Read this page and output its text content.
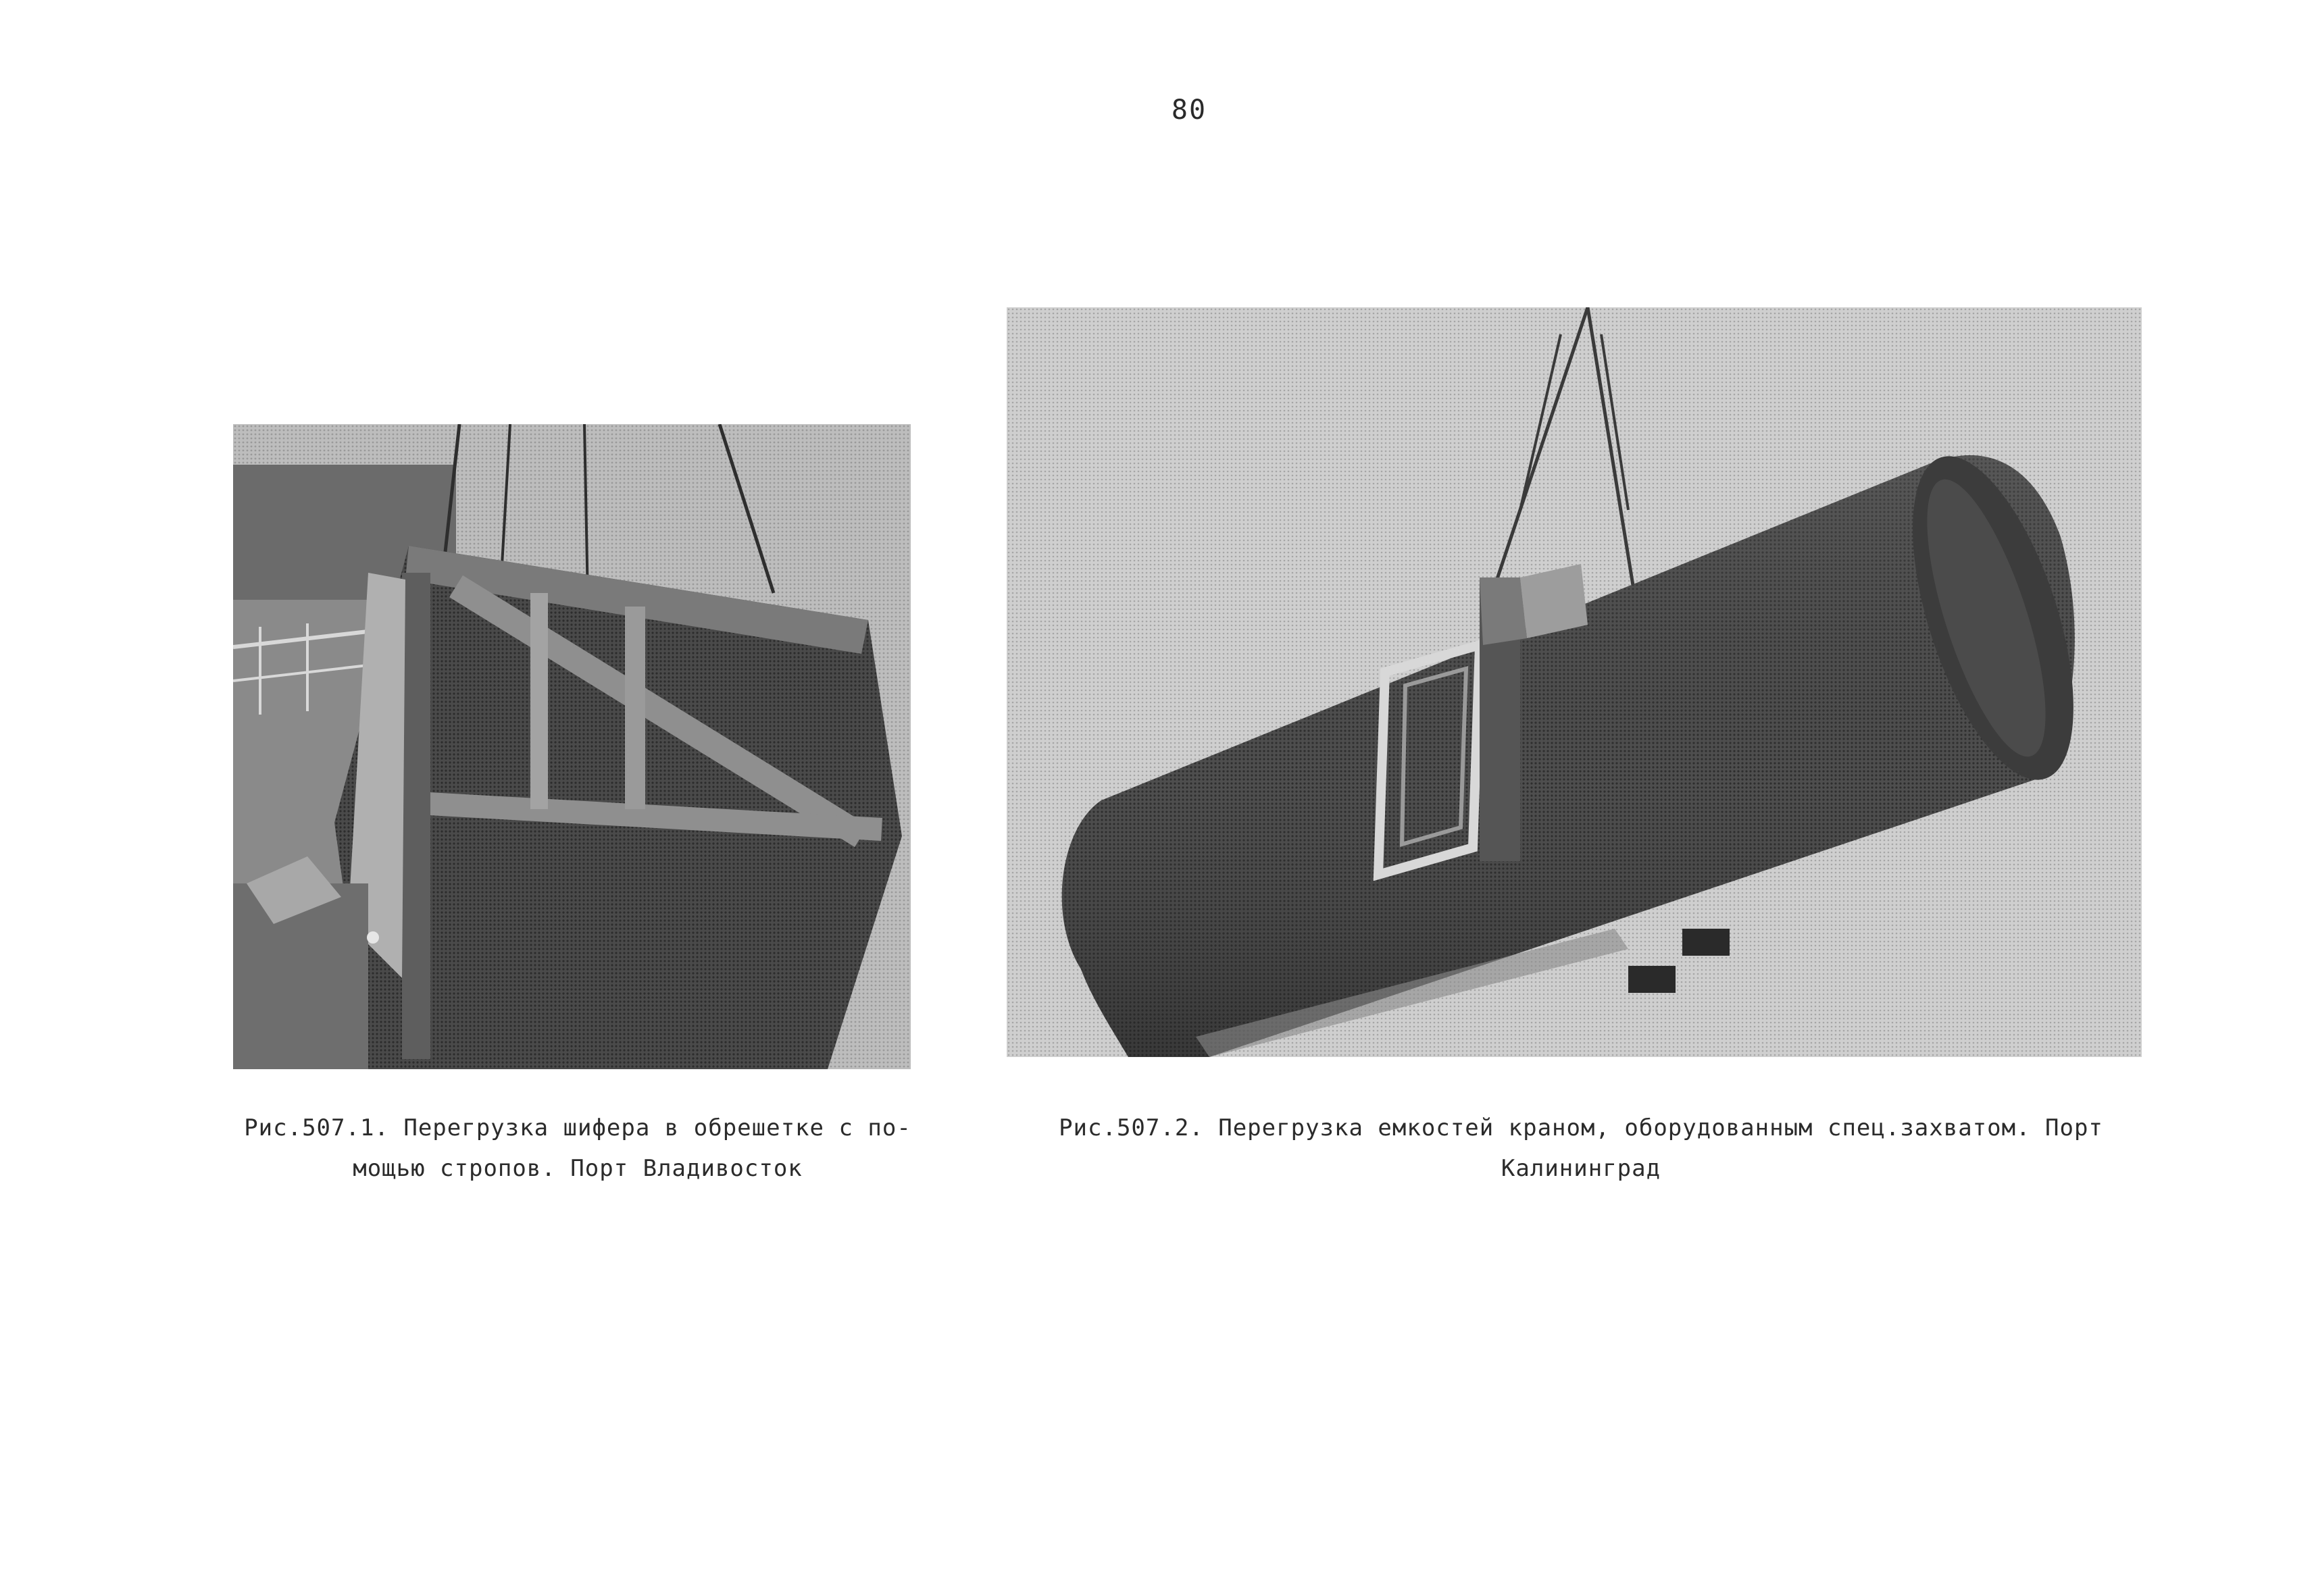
80
Рис.507.1. Перегрузка шифера в обрешетке с по-
мощью стропов. Порт Владивосток
Рис.507.2. Перегрузка емкостей краном, оборудованным спец.захватом. Порт
Калининград
